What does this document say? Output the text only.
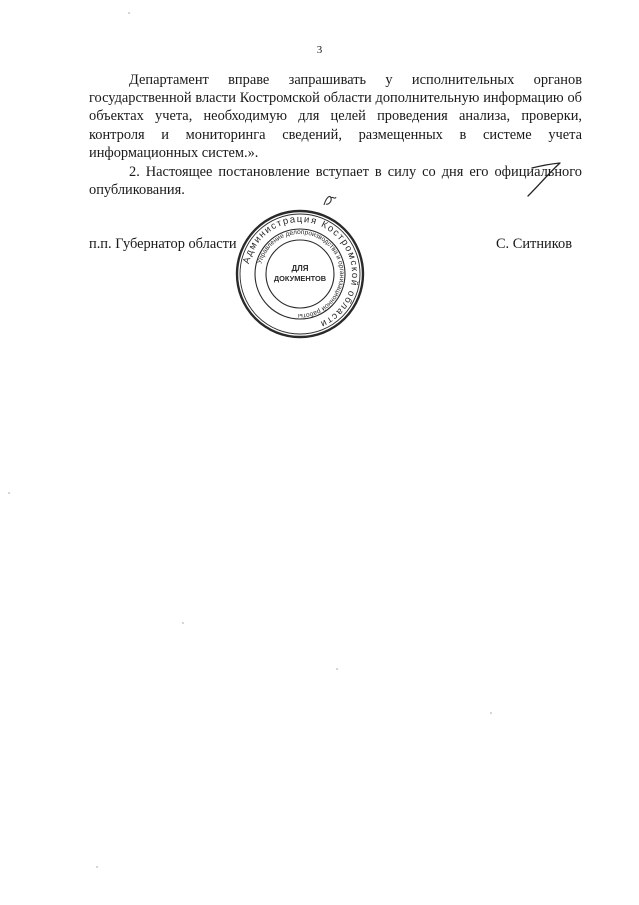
3

Департамент вправе запрашивать у исполнительных органов государственной власти Костромской области дополнительную информацию об объектах учета, необходимую для целей проведения анализа, проверки, контроля и мониторинга сведений, размещенных в системе учета информационных систем.».

2. Настоящее постановление вступает в силу со дня его официального опубликования.

п.п. Губернатор области	С. Ситников
Администрация Костромской области
Управление делопроизводства и организационной работы
ДЛЯ
ДОКУМЕНТОВ
